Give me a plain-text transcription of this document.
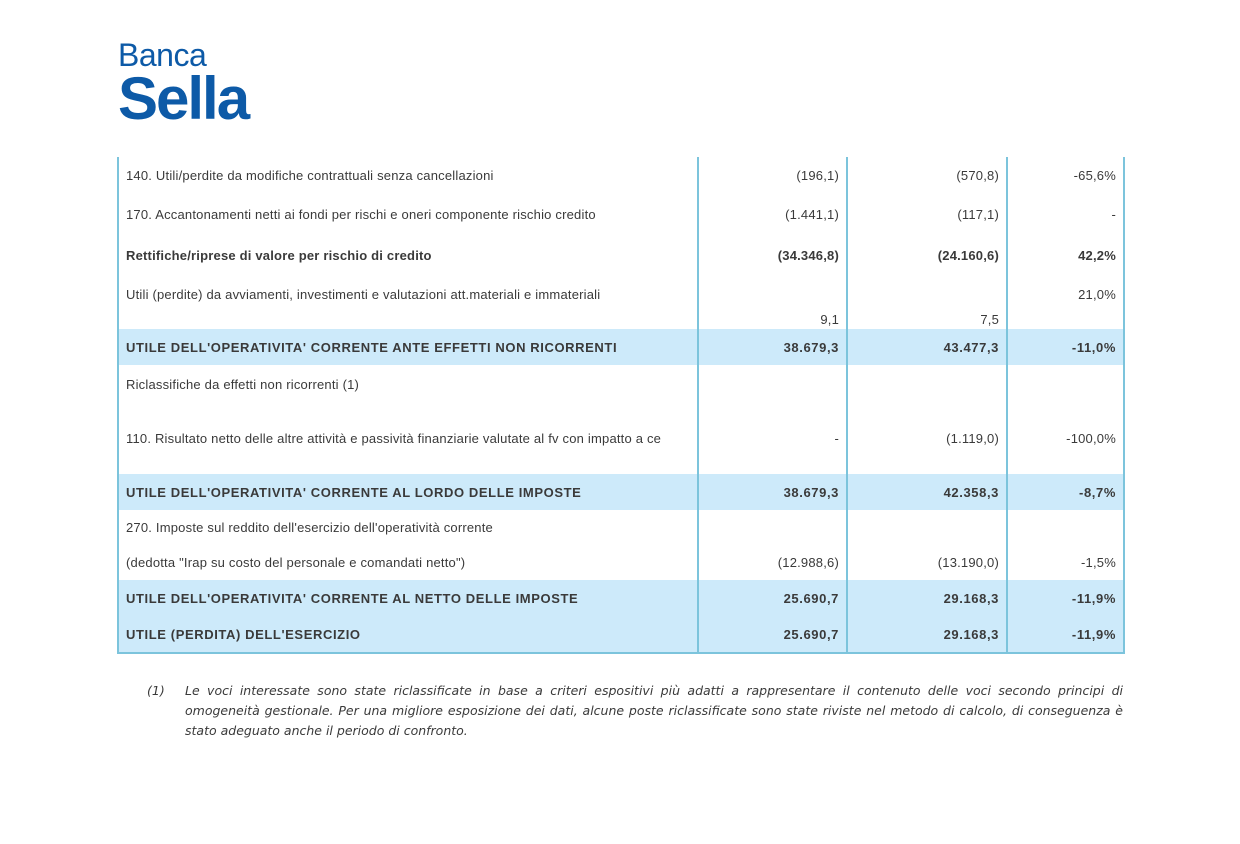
Banca
Sella
140. Utili/perdite da modifiche contrattuali senza cancellazioni	(196,1)	(570,8)	-65,6%
170. Accantonamenti netti ai fondi per rischi e oneri componente rischio credito	(1.441,1)	(117,1)	-
Rettifiche/riprese di valore per rischio di credito	(34.346,8)	(24.160,6)	42,2%
Utili (perdite) da avviamenti, investimenti e valutazioni att.materiali e immateriali	9,1	7,5	21,0%
UTILE DELL'OPERATIVITA' CORRENTE ANTE EFFETTI NON RICORRENTI	38.679,3	43.477,3	-11,0%
Riclassifiche da effetti non ricorrenti (1)			
110. Risultato netto delle altre attività e passività finanziarie valutate al fv con impatto a ce	-	(1.119,0)	-100,0%
UTILE DELL'OPERATIVITA' CORRENTE AL LORDO DELLE IMPOSTE	38.679,3	42.358,3	-8,7%
270. Imposte sul reddito dell'esercizio dell'operatività corrente			
(dedotta "Irap su costo del personale e comandati netto")	(12.988,6)	(13.190,0)	-1,5%
UTILE DELL'OPERATIVITA' CORRENTE AL NETTO DELLE IMPOSTE	25.690,7	29.168,3	-11,9%
UTILE (PERDITA) DELL'ESERCIZIO	25.690,7	29.168,3	-11,9%
(1) Le voci interessate sono state riclassificate in base a criteri espositivi più adatti a rappresentare il contenuto delle voci secondo principi di omogeneità gestionale. Per una migliore esposizione dei dati, alcune poste riclassificate sono state riviste nel metodo di calcolo, di conseguenza è stato adeguato anche il periodo di confronto.
